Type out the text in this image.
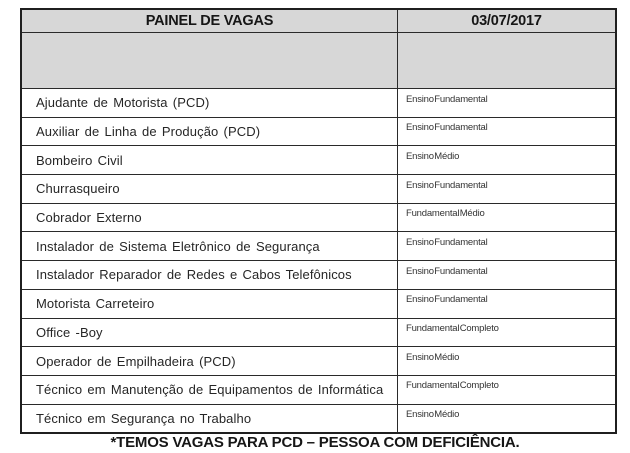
PAINEL DE VAGAS	03/07/2017
Ajudante de Motorista (PCD)	Ensino Fundamental
Auxiliar de Linha de Produção (PCD)	Ensino Fundamental
Bombeiro Civil	Ensino Médio
Churrasqueiro	Ensino Fundamental
Cobrador Externo	Fundamental Médio
Instalador de Sistema Eletrônico de Segurança	Ensino Fundamental
Instalador Reparador de Redes e Cabos Telefônicos	Ensino Fundamental
Motorista Carreteiro	Ensino Fundamental
Office -Boy	Fundamental Completo
Operador de Empilhadeira (PCD)	Ensino Médio
Técnico em Manutenção de Equipamentos de Informática	Fundamental Completo
Técnico em Segurança no Trabalho	Ensino Médio
*TEMOS VAGAS PARA PCD – PESSOA COM DEFICIÊNCIA.
